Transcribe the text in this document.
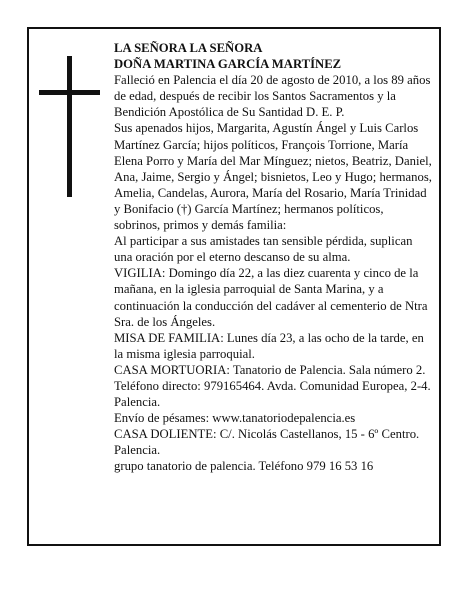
LA SEÑORA LA SEÑORA

DOÑA MARTINA GARCÍA MARTÍNEZ

Falleció en Palencia el día 20 de agosto de 2010, a los 89 años de edad, después de recibir los Santos Sacramentos y la Bendición Apostólica de Su Santidad D. E. P.

Sus apenados hijos, Margarita, Agustín Ángel y Luis Carlos Martínez García; hijos políticos, François Torrione, María Elena Porro y María del Mar Mínguez; nietos, Beatriz, Daniel, Ana, Jaime, Sergio y Ángel; bisnietos, Leo y Hugo; hermanos, Amelia, Candelas, Aurora, María del Rosario, María Trinidad y Bonifacio (†) García Martínez; hermanos políticos, sobrinos, primos y demás familia:

Al participar a sus amistades tan sensible pérdida, suplican una oración por el eterno descanso de su alma.

VIGILIA: Domingo día 22, a las diez cuarenta y cinco de la mañana, en la iglesia parroquial de Santa Marina, y a continuación la conducción del cadáver al cementerio de Ntra Sra. de los Ángeles.

MISA DE FAMILIA: Lunes día 23, a las ocho de la tarde, en la misma iglesia parroquial.

CASA MORTUORIA: Tanatorio de Palencia. Sala número 2. Teléfono directo: 979165464. Avda. Comunidad Europea, 2-4. Palencia.

Envío de pésames: www.tanatoriodepalencia.es

CASA DOLIENTE: C/. Nicolás Castellanos, 15 - 6º Centro. Palencia.

grupo tanatorio de palencia. Teléfono 979 16 53 16
